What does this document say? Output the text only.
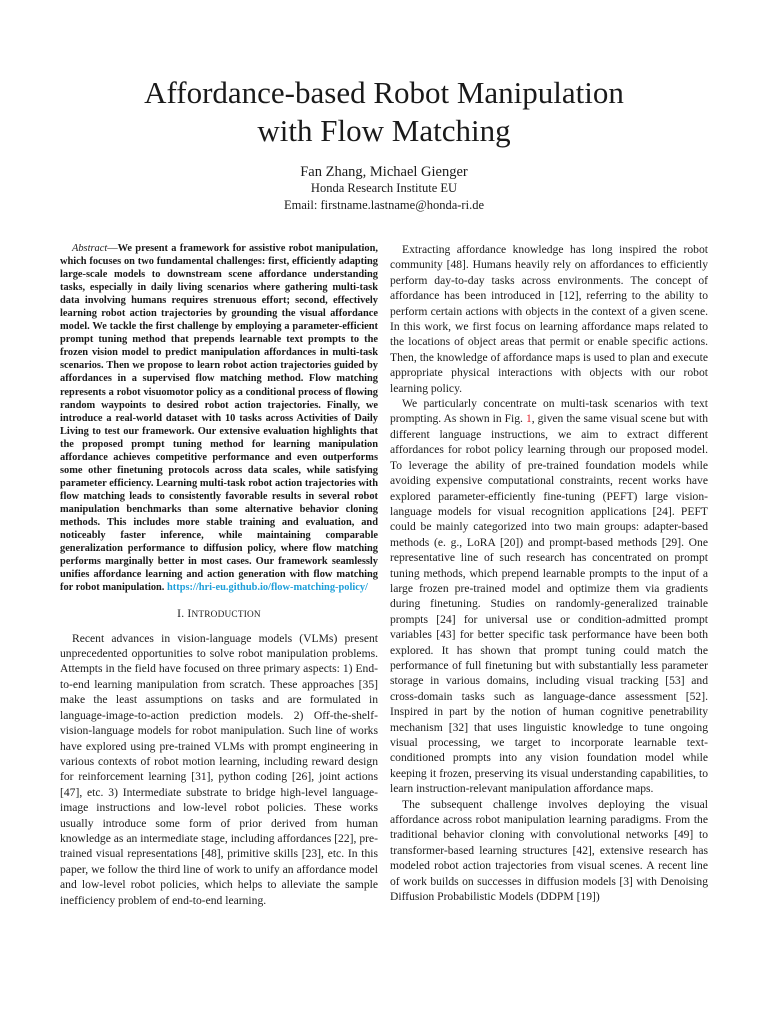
Affordance-based Robot Manipulation
with Flow Matching
Fan Zhang, Michael Gienger
Honda Research Institute EU
Email: firstname.lastname@honda-ri.de

Abstract—We present a framework for assistive robot manipulation, which focuses on two fundamental challenges: first, efficiently adapting large-scale models to downstream scene affordance understanding tasks, especially in daily living scenarios where gathering multi-task data involving humans requires strenuous effort; second, effectively learning robot action trajectories by grounding the visual affordance model. We tackle the first challenge by employing a parameter-efficient prompt tuning method that prepends learnable text prompts to the frozen vision model to predict manipulation affordances in multi-task scenarios. Then we propose to learn robot action trajectories guided by affordances in a supervised flow matching method. Flow matching represents a robot visuomotor policy as a conditional process of flowing random waypoints to desired robot action trajectories. Finally, we introduce a real-world dataset with 10 tasks across Activities of Daily Living to test our framework. Our extensive evaluation highlights that the proposed prompt tuning method for learning manipulation affordance achieves competitive performance and even outperforms some other finetuning protocols across data scales, while satisfying parameter efficiency. Learning multi-task robot action trajectories with flow matching leads to consistently favorable results in several robot manipulation benchmarks than some alternative behavior cloning methods. This includes more stable training and evaluation, and noticeably faster inference, while maintaining comparable generalization performance to diffusion policy, where flow matching performs marginally better in most cases. Our framework seamlessly unifies affordance learning and action generation with flow matching for robot manipulation. https://hri-eu.github.io/flow-matching-policy/

I. INTRODUCTION

Recent advances in vision-language models (VLMs) present unprecedented opportunities to solve robot manipulation problems. Attempts in the field have focused on three primary aspects: 1) End-to-end learning manipulation from scratch. These approaches [35] make the least assumptions on tasks and are formulated in language-image-to-action prediction models. 2) Off-the-shelf-vision-language models for robot manipulation. Such line of works have explored using pre-trained VLMs with prompt engineering in various contexts of robot motion learning, including reward design for reinforcement learning [31], python coding [26], joint actions [47], etc. 3) Intermediate substrate to bridge high-level language-image instructions and low-level robot policies. These works usually introduce some form of prior derived from human knowledge as an intermediate stage, including affordances [22], pre-trained visual representations [48], primitive skills [23], etc. In this paper, we follow the third line of work to unify an affordance model and low-level robot policies, which helps to alleviate the sample inefficiency problem of end-to-end learning.

Extracting affordance knowledge has long inspired the robot community [48]. Humans heavily rely on affordances to efficiently perform day-to-day tasks across environments. The concept of affordance has been introduced in [12], referring to the ability to perform certain actions with objects in the context of a given scene. In this work, we first focus on learning affordance maps related to the locations of object areas that permit or enable specific actions. Then, the knowledge of affordance maps is used to plan and execute appropriate physical interactions with objects with our robot learning policy.

We particularly concentrate on multi-task scenarios with text prompting. As shown in Fig. 1, given the same visual scene but with different language instructions, we aim to extract different affordances for robot policy learning through our proposed model. To leverage the ability of pre-trained foundation models while avoiding expensive computational constraints, recent works have explored parameter-efficiently fine-tuning (PEFT) large vision-language models for visual recognition applications [24]. PEFT could be mainly categorized into two main groups: adapter-based methods (e. g., LoRA [20]) and prompt-based methods [29]. One representative line of such research has concentrated on prompt tuning methods, which prepend learnable prompts to the input of a large frozen pre-trained model and optimize them via gradients during finetuning. Studies on randomly-generalized trainable prompts [24] for universal use or condition-admitted prompt variables [43] for better specific task performance have been both explored. It has shown that prompt tuning could match the performance of full finetuning but with substantially less parameter storage in various domains, including visual tracking [53] and cross-domain tasks such as language-dance assessment [52]. Inspired in part by the notion of human cognitive penetrability mechanism [32] that uses linguistic knowledge to tune ongoing visual processing, we target to incorporate learnable text-conditioned prompts into any vision foundation model while keeping it frozen, preserving its visual understanding capabilities, to learn instruction-relevant manipulation affordance maps.

The subsequent challenge involves deploying the visual affordance across robot manipulation learning paradigms. From the traditional behavior cloning with convolutional networks [49] to transformer-based learning structures [42], extensive research has modeled robot action trajectories from visual scenes. A recent line of work builds on successes in diffusion models [3] with Denoising Diffusion Probabilistic Models (DDPM [19])
